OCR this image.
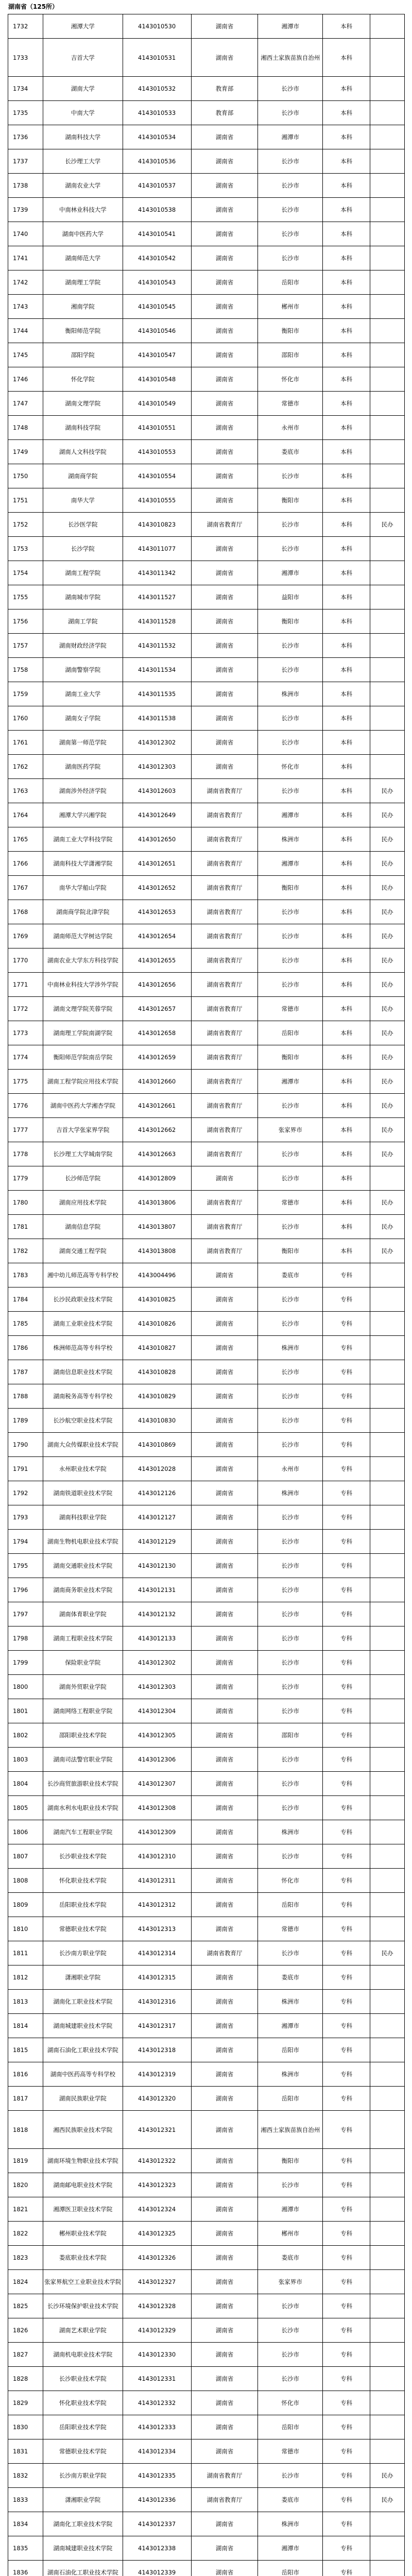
湖南省（125所）
1732	湘潭大学	4143010530	湖南省	湘潭市	本科
1733	吉首大学	4143010531	湖南省	湘西土家族苗族自治州	本科
1734	湖南大学	4143010532	教育部	长沙市	本科
1735	中南大学	4143010533	教育部	长沙市	本科
1736	湖南科技大学	4143010534	湖南省	湘潭市	本科
1737	长沙理工大学	4143010536	湖南省	长沙市	本科
1738	湖南农业大学	4143010537	湖南省	长沙市	本科
1739	中南林业科技大学	4143010538	湖南省	长沙市	本科
1740	湖南中医药大学	4143010541	湖南省	长沙市	本科
1741	湖南师范大学	4143010542	湖南省	长沙市	本科
1742	湖南理工学院	4143010543	湖南省	岳阳市	本科
1743	湘南学院	4143010545	湖南省	郴州市	本科
1744	衡阳师范学院	4143010546	湖南省	衡阳市	本科
1745	邵阳学院	4143010547	湖南省	邵阳市	本科
1746	怀化学院	4143010548	湖南省	怀化市	本科
1747	湖南文理学院	4143010549	湖南省	常德市	本科
1748	湖南科技学院	4143010551	湖南省	永州市	本科
1749	湖南人文科技学院	4143010553	湖南省	娄底市	本科
1750	湖南商学院	4143010554	湖南省	长沙市	本科
1751	南华大学	4143010555	湖南省	衡阳市	本科
1752	长沙医学院	4143010823	湖南省教育厅	长沙市	本科	民办
1753	长沙学院	4143011077	湖南省	长沙市	本科
1754	湖南工程学院	4143011342	湖南省	湘潭市	本科
1755	湖南城市学院	4143011527	湖南省	益阳市	本科
1756	湖南工学院	4143011528	湖南省	衡阳市	本科
1757	湖南财政经济学院	4143011532	湖南省	长沙市	本科
1758	湖南警察学院	4143011534	湖南省	长沙市	本科
1759	湖南工业大学	4143011535	湖南省	株洲市	本科
1760	湖南女子学院	4143011538	湖南省	长沙市	本科
1761	湖南第一师范学院	4143012302	湖南省	长沙市	本科
1762	湖南医药学院	4143012303	湖南省	怀化市	本科
1763	湖南涉外经济学院	4143012603	湖南省教育厅	长沙市	本科	民办
1764	湘潭大学兴湘学院	4143012649	湖南省教育厅	湘潭市	本科	民办
1765	湖南工业大学科技学院	4143012650	湖南省教育厅	株洲市	本科	民办
1766	湖南科技大学潇湘学院	4143012651	湖南省教育厅	湘潭市	本科	民办
1767	南华大学船山学院	4143012652	湖南省教育厅	衡阳市	本科	民办
1768	湖南商学院北津学院	4143012653	湖南省教育厅	长沙市	本科	民办
1769	湖南师范大学树达学院	4143012654	湖南省教育厅	长沙市	本科	民办
1770	湖南农业大学东方科技学院	4143012655	湖南省教育厅	长沙市	本科	民办
1771	中南林业科技大学涉外学院	4143012656	湖南省教育厅	长沙市	本科	民办
1772	湖南文理学院芙蓉学院	4143012657	湖南省教育厅	常德市	本科	民办
1773	湖南理工学院南湖学院	4143012658	湖南省教育厅	岳阳市	本科	民办
1774	衡阳师范学院南岳学院	4143012659	湖南省教育厅	衡阳市	本科	民办
1775	湖南工程学院应用技术学院	4143012660	湖南省教育厅	湘潭市	本科	民办
1776	湖南中医药大学湘杏学院	4143012661	湖南省教育厅	长沙市	本科	民办
1777	吉首大学张家界学院	4143012662	湖南省教育厅	张家界市	本科	民办
1778	长沙理工大学城南学院	4143012663	湖南省教育厅	长沙市	本科	民办
1779	长沙师范学院	4143012809	湖南省	长沙市	本科
1780	湖南应用技术学院	4143013806	湖南省教育厅	常德市	本科	民办
1781	湖南信息学院	4143013807	湖南省教育厅	长沙市	本科	民办
1782	湖南交通工程学院	4143013808	湖南省教育厅	衡阳市	本科	民办
1783	湘中幼儿师范高等专科学校	4143004496	湖南省	娄底市	专科
1784	长沙民政职业技术学院	4143010825	湖南省	长沙市	专科
1785	湖南工业职业技术学院	4143010826	湖南省	长沙市	专科
1786	株洲师范高等专科学校	4143010827	湖南省	株洲市	专科
1787	湖南信息职业技术学院	4143010828	湖南省	长沙市	专科
1788	湖南税务高等专科学校	4143010829	湖南省	长沙市	专科
1789	长沙航空职业技术学院	4143010830	湖南省	长沙市	专科
1790	湖南大众传媒职业技术学院	4143010869	湖南省	长沙市	专科
1791	永州职业技术学院	4143012028	湖南省	永州市	专科
1792	湖南铁道职业技术学院	4143012126	湖南省	株洲市	专科
1793	湖南科技职业学院	4143012127	湖南省	长沙市	专科
1794	湖南生物机电职业技术学院	4143012129	湖南省	长沙市	专科
1795	湖南交通职业技术学院	4143012130	湖南省	长沙市	专科
1796	湖南商务职业技术学院	4143012131	湖南省	长沙市	专科
1797	湖南体育职业学院	4143012132	湖南省	长沙市	专科
1798	湖南工程职业技术学院	4143012133	湖南省	长沙市	专科
1799	保险职业学院	4143012302	湖南省	长沙市	专科
1800	湖南外贸职业学院	4143012303	湖南省	长沙市	专科
1801	湖南网络工程职业学院	4143012304	湖南省	长沙市	专科
1802	邵阳职业技术学院	4143012305	湖南省	邵阳市	专科
1803	湖南司法警官职业学院	4143012306	湖南省	长沙市	专科
1804	长沙商贸旅游职业技术学院	4143012307	湖南省	长沙市	专科
1805	湖南水利水电职业技术学院	4143012308	湖南省	长沙市	专科
1806	湖南汽车工程职业学院	4143012309	湖南省	株洲市	专科
1807	长沙职业技术学院	4143012310	湖南省	长沙市	专科
1808	怀化职业技术学院	4143012311	湖南省	怀化市	专科
1809	岳阳职业技术学院	4143012312	湖南省	岳阳市	专科
1810	常德职业技术学院	4143012313	湖南省	常德市	专科
1811	长沙南方职业学院	4143012314	湖南省教育厅	长沙市	专科	民办
1812	潇湘职业学院	4143012315	湖南省	娄底市	专科
1813	湖南化工职业技术学院	4143012316	湖南省	株洲市	专科
1814	湖南城建职业技术学院	4143012317	湖南省	湘潭市	专科
1815	湖南石油化工职业技术学院	4143012318	湖南省	岳阳市	专科
1816	湖南中医药高等专科学校	4143012319	湖南省	株洲市	专科
1817	湖南民族职业学院	4143012320	湖南省	岳阳市	专科
1818	湘西民族职业技术学院	4143012321	湖南省	湘西土家族苗族自治州	专科
1819	湖南环境生物职业技术学院	4143012322	湖南省	衡阳市	专科
1820	湖南邮电职业技术学院	4143012323	湖南省	长沙市	专科
1821	湘潭医卫职业技术学院	4143012324	湖南省	湘潭市	专科
1822	郴州职业技术学院	4143012325	湖南省	郴州市	专科
1823	娄底职业技术学院	4143012326	湖南省	娄底市	专科
1824	张家界航空工业职业技术学院	4143012327	湖南省	张家界市	专科
1825	长沙环境保护职业技术学院	4143012328	湖南省	长沙市	专科
1826	湖南艺术职业学院	4143012329	湖南省	长沙市	专科
1827	湖南机电职业技术学院	4143012330	湖南省	长沙市	专科
1828	长沙职业技术学院	4143012331	湖南省	长沙市	专科
1829	怀化职业技术学院	4143012332	湖南省	怀化市	专科
1830	岳阳职业技术学院	4143012333	湖南省	岳阳市	专科
1831	常德职业技术学院	4143012334	湖南省	常德市	专科
1832	长沙南方职业学院	4143012335	湖南省教育厅	长沙市	专科	民办
1833	潇湘职业学院	4143012336	湖南省教育厅	娄底市	专科	民办
1834	湖南化工职业技术学院	4143012337	湖南省	株洲市	专科
1835	湖南城建职业技术学院	4143012338	湖南省	湘潭市	专科
1836	湖南石油化工职业技术学院	4143012339	湖南省	岳阳市	专科
